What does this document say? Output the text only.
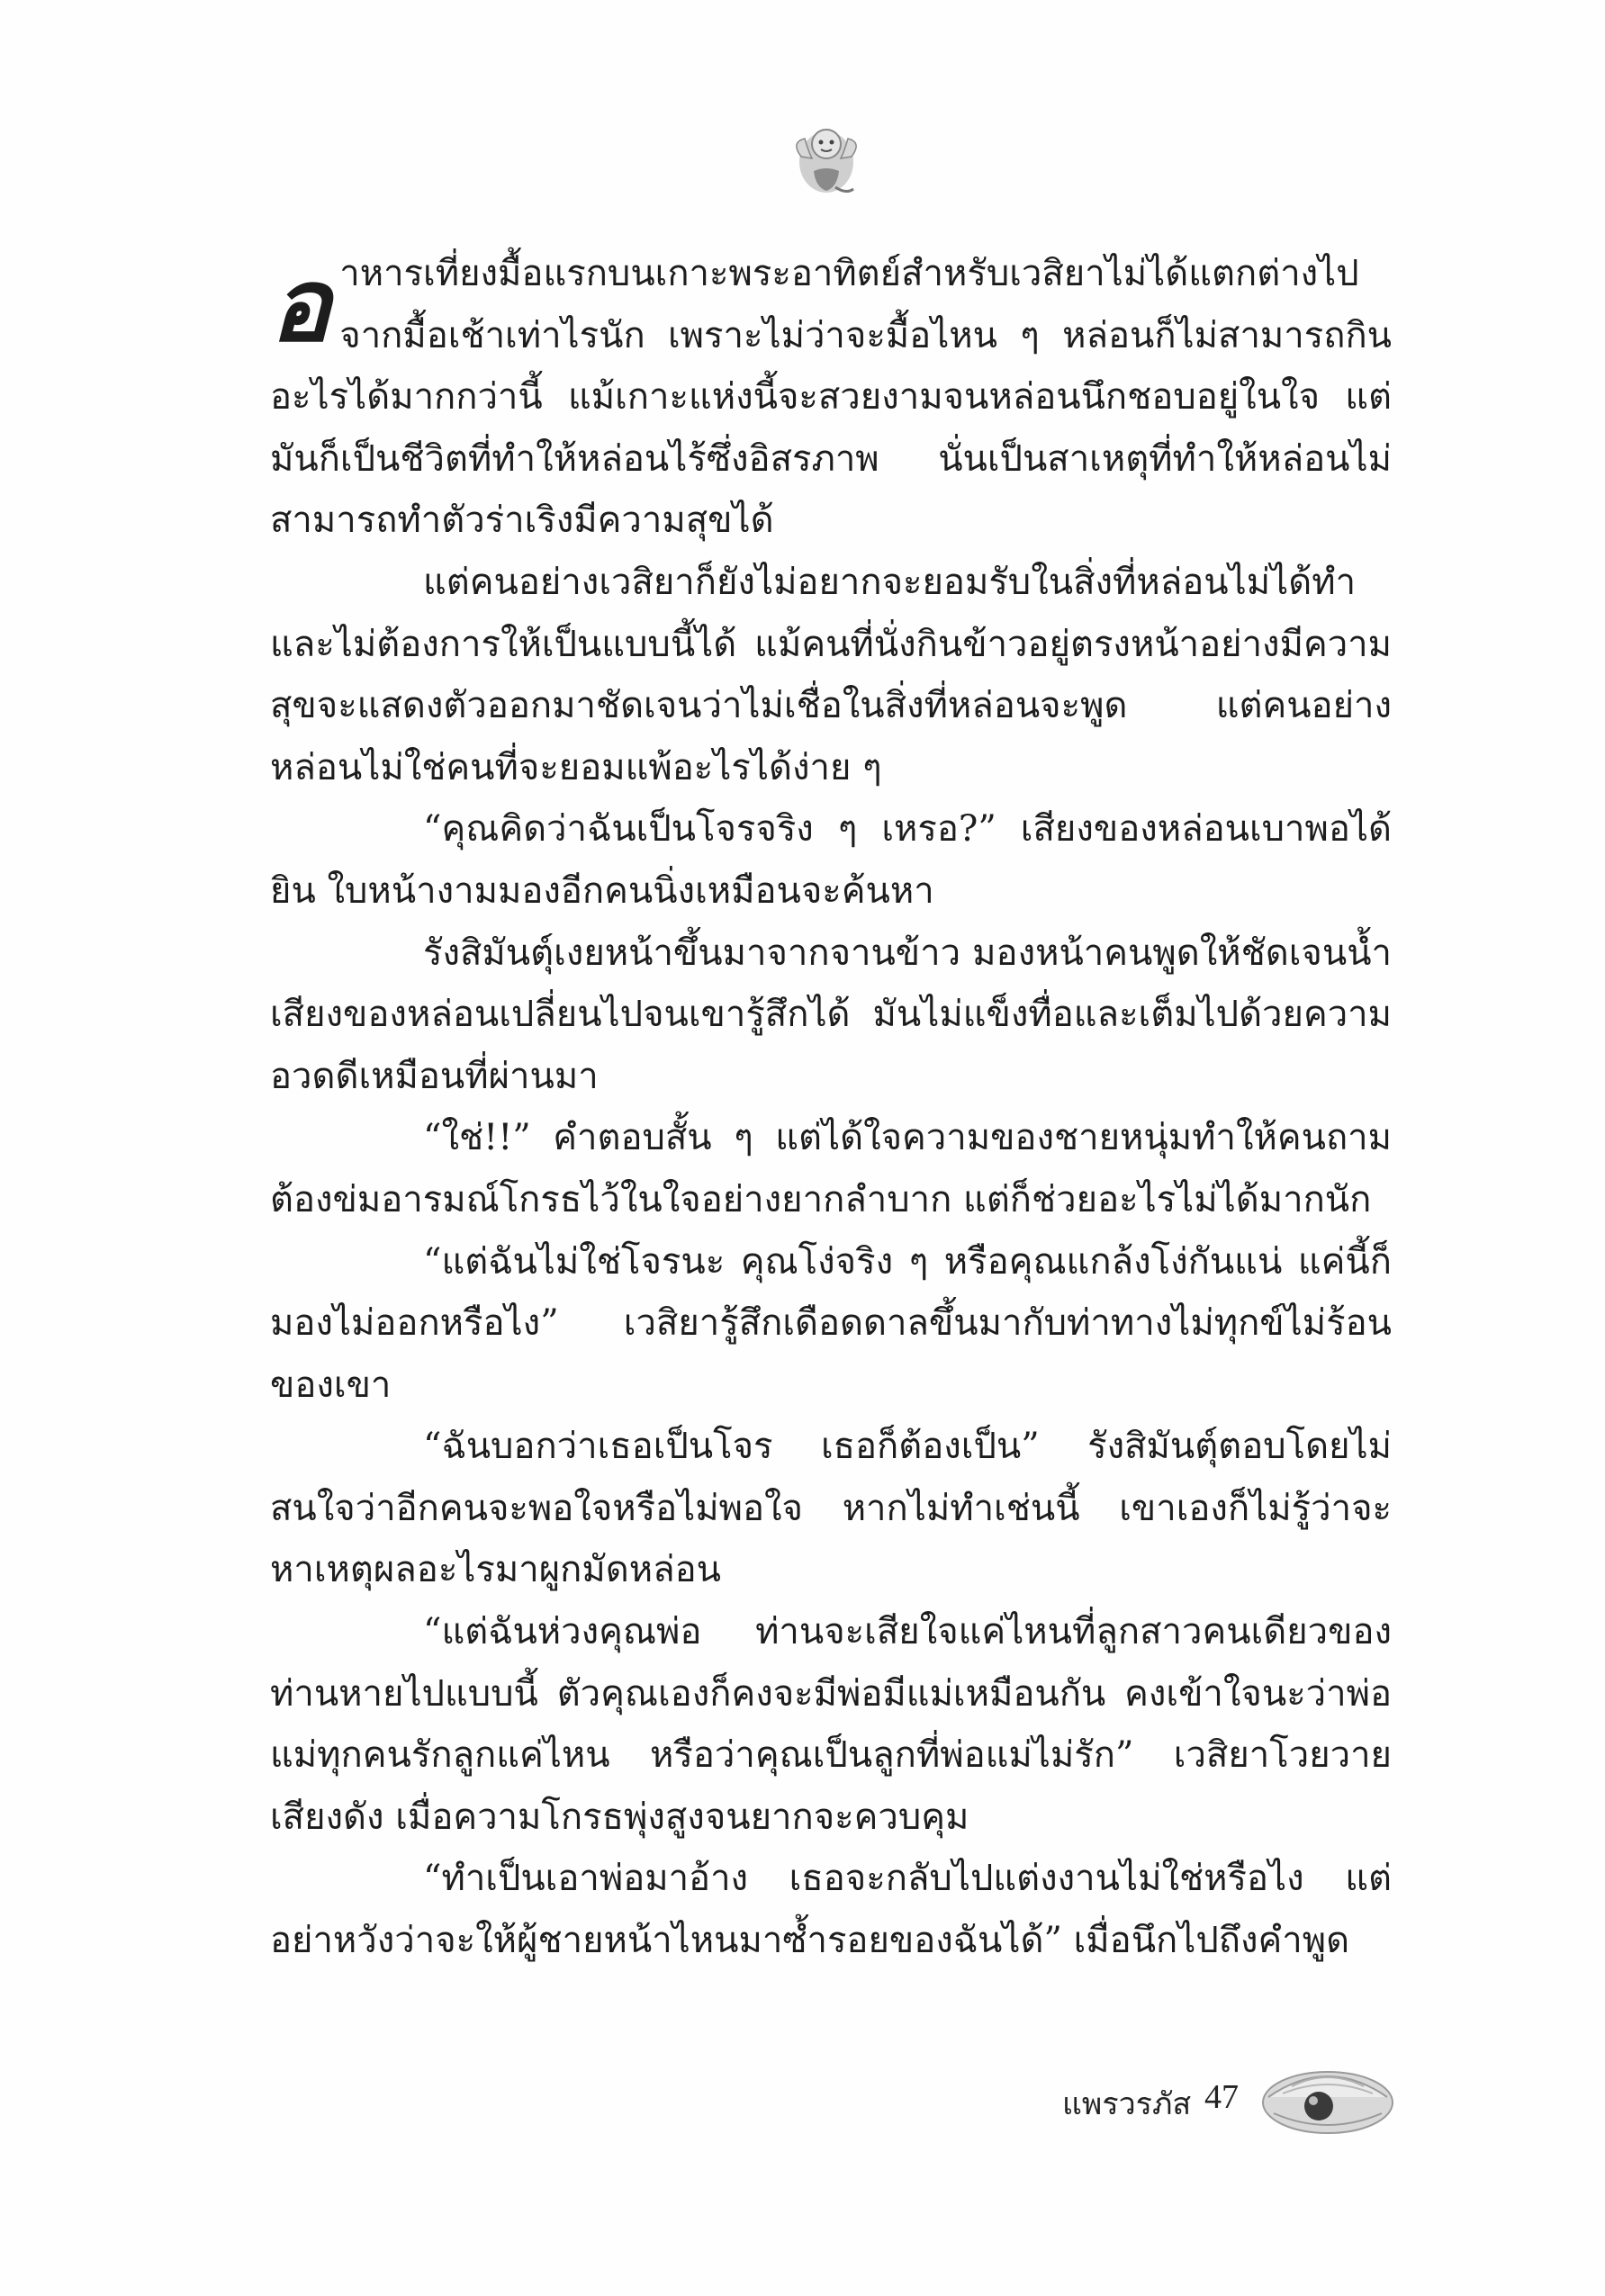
อาหารเที่ยงมื้อแรกบนเกาะพระอาทิตย์สำหรับเวสิยาไม่ได้แตกต่างไปจากมื้อเช้าเท่าไรนัก เพราะไม่ว่าจะมื้อไหน ๆ หล่อนก็ไม่สามารถกินอะไรได้มากกว่านี้ แม้เกาะแห่งนี้จะสวยงามจนหล่อนนึกชอบอยู่ในใจ แต่มันก็เป็นชีวิตที่ทำให้หล่อนไร้ซึ่งอิสรภาพ นั่นเป็นสาเหตุที่ทำให้หล่อนไม่สามารถทำตัวร่าเริงมีความสุขได้

แต่คนอย่างเวสิยาก็ยังไม่อยากจะยอมรับในสิ่งที่หล่อนไม่ได้ทำ และไม่ต้องการให้เป็นแบบนี้ได้ แม้คนที่นั่งกินข้าวอยู่ตรงหน้าอย่างมีความสุขจะแสดงตัวออกมาชัดเจนว่าไม่เชื่อในสิ่งที่หล่อนจะพูด แต่คนอย่างหล่อนไม่ใช่คนที่จะยอมแพ้อะไรได้ง่าย ๆ

“คุณคิดว่าฉันเป็นโจรจริง ๆ เหรอ?” เสียงของหล่อนเบาพอได้ยิน ใบหน้างามมองอีกคนนิ่งเหมือนจะค้นหา

รังสิมันตุ์เงยหน้าขึ้นมาจากจานข้าว มองหน้าคนพูดให้ชัดเจนน้ำเสียงของหล่อนเปลี่ยนไปจนเขารู้สึกได้ มันไม่แข็งทื่อและเต็มไปด้วยความอวดดีเหมือนที่ผ่านมา

“ใช่!!” คำตอบสั้น ๆ แต่ได้ใจความของชายหนุ่มทำให้คนถามต้องข่มอารมณ์โกรธไว้ในใจอย่างยากลำบาก แต่ก็ช่วยอะไรไม่ได้มากนัก

“แต่ฉันไม่ใช่โจรนะ คุณโง่จริง ๆ หรือคุณแกล้งโง่กันแน่ แค่นี้ก็มองไม่ออกหรือไง” เวสิยารู้สึกเดือดดาลขึ้นมากับท่าทางไม่ทุกข์ไม่ร้อนของเขา

“ฉันบอกว่าเธอเป็นโจร เธอก็ต้องเป็น” รังสิมันตุ์ตอบโดยไม่สนใจว่าอีกคนจะพอใจหรือไม่พอใจ หากไม่ทำเช่นนี้ เขาเองก็ไม่รู้ว่าจะหาเหตุผลอะไรมาผูกมัดหล่อน

“แต่ฉันห่วงคุณพ่อ ท่านจะเสียใจแค่ไหนที่ลูกสาวคนเดียวของท่านหายไปแบบนี้ ตัวคุณเองก็คงจะมีพ่อมีแม่เหมือนกัน คงเข้าใจนะว่าพ่อแม่ทุกคนรักลูกแค่ไหน หรือว่าคุณเป็นลูกที่พ่อแม่ไม่รัก” เวสิยาโวยวายเสียงดัง เมื่อความโกรธพุ่งสูงจนยากจะควบคุม

“ทำเป็นเอาพ่อมาอ้าง เธอจะกลับไปแต่งงานไม่ใช่หรือไง แต่อย่าหวังว่าจะให้ผู้ชายหน้าไหนมาซ้ำรอยของฉันได้” เมื่อนึกไปถึงคำพูด

แพรวรภัส 47
